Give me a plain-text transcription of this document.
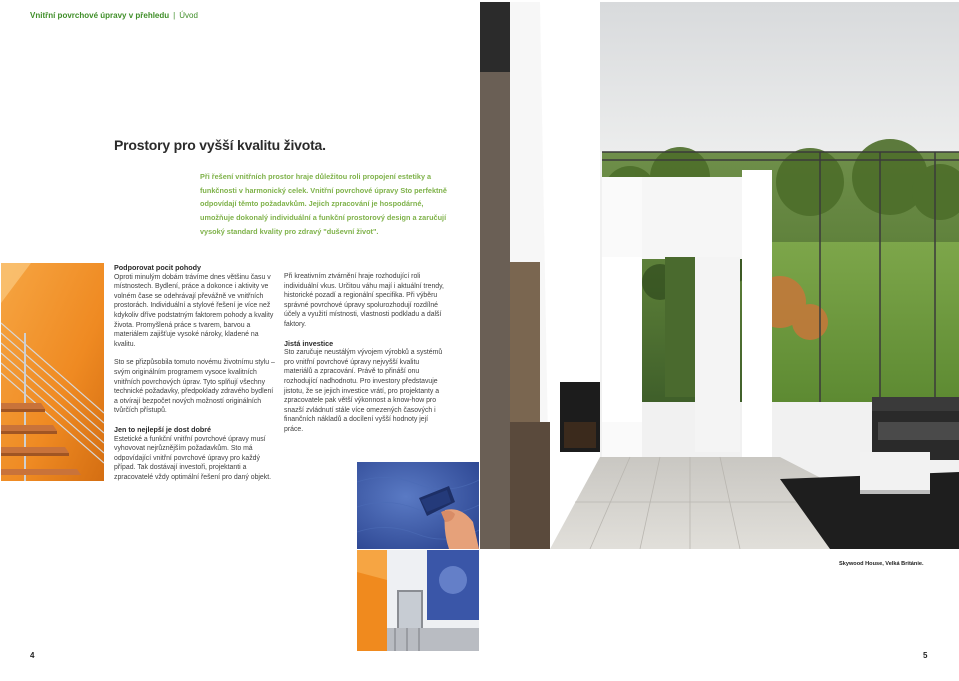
Vnitřní povrchové úpravy v přehledu | Úvod
Prostory pro vyšší kvalitu života.

Při řešení vnitřních prostor hraje důležitou roli propojení estetiky a funkčnosti v harmonický celek. Vnitřní povrchové úpravy Sto perfektně odpovídají těmto požadavkům. Jejich zpracování je hospodárné, umožňuje dokonalý individuální a funkční prostorový design a zaručují vysoký standard kvality pro zdravý "duševní život".

Podporovat pocit pohody

Oproti minulým dobám trávíme dnes většinu času v místnostech. Bydlení, práce a dokonce i aktivity ve volném čase se odehrávají převážně ve vnitřních prostorách. Individuální a stylové řešení je více než kdykoliv dříve podstatným faktorem pohody a kvality života. Promyšlená práce s tvarem, barvou a materiálem zajišťuje vysoké nároky, kladené na kvalitu.

Sto se přizpůsobila tomuto novému životnímu stylu – svým originálním programem vysoce kvalitních vnitřních povrchových úprav. Tyto splňují všechny technické požadavky, předpoklady zdravého bydlení a otvírají bezpočet nových možností originálních tvůrčích přístupů.

Jen to nejlepší je dost dobré

Estetické a funkční vnitřní povrchové úpravy musí vyhovovat nejrůznějším požadavkům. Sto má odpovídající vnitřní povrchové úpravy pro každý případ. Tak dostávají investoři, projektanti a zpracovatelé vždy optimální řešení pro daný objekt.

Při kreativním ztvárnění hraje rozhodující roli individuální vkus. Určitou váhu mají i aktuální trendy, historické pozadí a regionální specifika. Při výběru správné povrchové úpravy spolurozhodují rozdílné účely a využití místnosti, vlastnosti podkladu a další faktory.

Jistá investice

Sto zaručuje neustálým vývojem výrobků a systémů pro vnitřní povrchové úpravy nejvyšší kvalitu materiálů a zpracování. Právě to přináší onu rozhodující nadhodnotu. Pro investory představuje jistotu, že se jejich investice vrátí, pro projektanty a zpracovatele pak větší výkonnost a know-how pro snazší zvládnutí stále více omezených časových i finančních nákladů a docílení vyšší hodnoty její práce.

Skywood House, Velká Británie.
4	5
